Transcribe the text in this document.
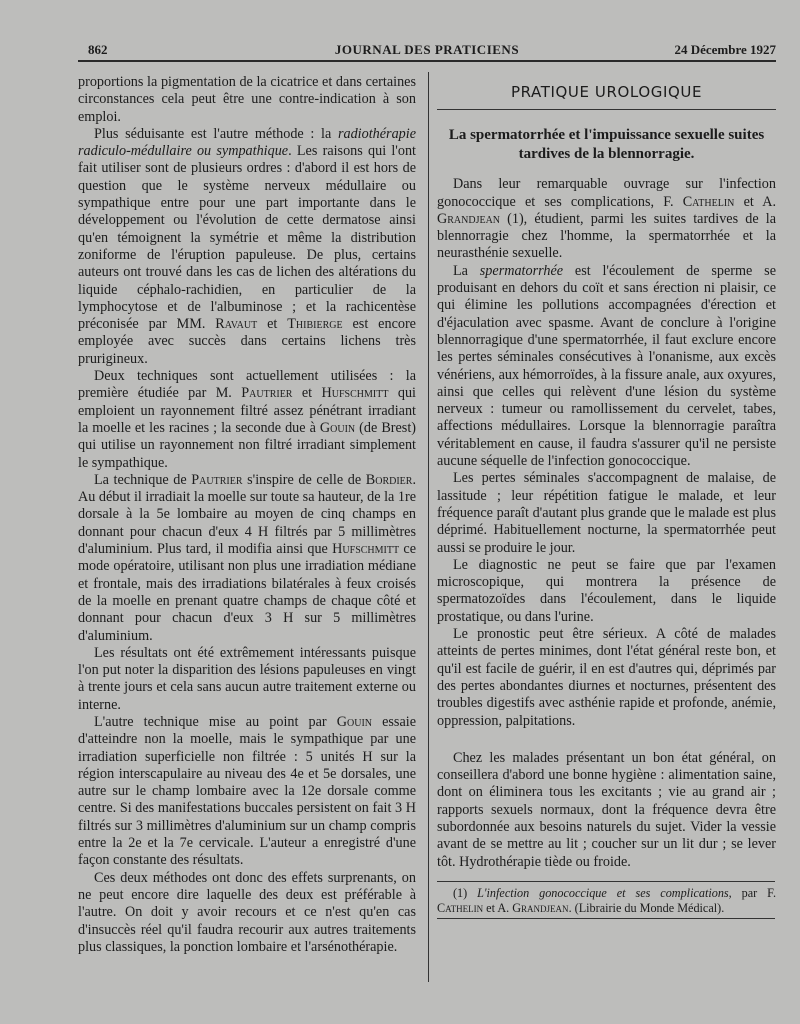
862	JOURNAL DES PRATICIENS	24 Décembre 1927

proportions la pigmentation de la cicatrice et dans certaines circonstances cela peut être une contre-indication à son emploi.

Plus séduisante est l'autre méthode : la radiothérapie radiculo-médullaire ou sympathique. Les raisons qui l'ont fait utiliser sont de plusieurs ordres : d'abord il est hors de question que le système nerveux médullaire ou sympathique entre pour une part importante dans le développement ou l'évolution de cette dermatose ainsi qu'en témoignent la symétrie et même la distribution zoniforme de l'éruption papuleuse. De plus, certains auteurs ont trouvé dans les cas de lichen des altérations du liquide céphalo-rachidien, en particulier de la lymphocytose et de l'albuminose ; et la rachicentèse préconisée par MM. Ravaut et Thibierge est encore employée avec succès dans certains lichens très prurigineux.

Deux techniques sont actuellement utilisées : la première étudiée par M. Pautrier et Hufschmitt qui emploient un rayonnement filtré assez pénétrant irradiant la moelle et les racines ; la seconde due à Gouin (de Brest) qui utilise un rayonnement non filtré irradiant simplement le sympathique.

La technique de Pautrier s'inspire de celle de Bordier. Au début il irradiait la moelle sur toute sa hauteur, de la 1re dorsale à la 5e lombaire au moyen de cinq champs en donnant pour chacun d'eux 4 H filtrés par 5 millimètres d'aluminium. Plus tard, il modifia ainsi que Hufschmitt ce mode opératoire, utilisant non plus une irradiation médiane et frontale, mais des irradiations bilatérales à feux croisés de la moelle en prenant quatre champs de chaque côté et donnant pour chacun d'eux 3 H sur 5 millimètres d'aluminium.

Les résultats ont été extrêmement intéressants puisque l'on put noter la disparition des lésions papuleuses en vingt à trente jours et cela sans aucun autre traitement externe ou interne.

L'autre technique mise au point par Gouin essaie d'atteindre non la moelle, mais le sympathique par une irradiation superficielle non filtrée : 5 unités H sur la région interscapulaire au niveau des 4e et 5e dorsales, une autre sur le champ lombaire avec la 12e dorsale comme centre. Si des manifestations buccales persistent on fait 3 H filtrés sur 3 millimètres d'aluminium sur un champ compris entre la 2e et la 7e cervicale. L'auteur a enregistré d'une façon constante des résultats.

Ces deux méthodes ont donc des effets surprenants, on ne peut encore dire laquelle des deux est préférable à l'autre. On doit y avoir recours et ce n'est qu'en cas d'insuccès réel qu'il faudra recourir aux autres traitements plus classiques, la ponction lombaire et l'arsénothérapie.

PRATIQUE UROLOGIQUE
La spermatorrhée et l'impuissance sexuelle suites tardives de la blennorragie.

Dans leur remarquable ouvrage sur l'infection gonococcique et ses complications, F. Cathelin et A. Grandjean (1), étudient, parmi les suites tardives de la blennorragie chez l'homme, la spermatorrhée et la neurasthénie sexuelle.

La spermatorrhée est l'écoulement de sperme se produisant en dehors du coït et sans érection ni plaisir, ce qui élimine les pollutions accompagnées d'érection et d'éjaculation avec spasme. Avant de conclure à l'origine blennorragique d'une spermatorrhée, il faut exclure encore les pertes séminales consécutives à l'onanisme, aux excès vénériens, aux hémorroïdes, à la fissure anale, aux oxyures, ainsi que celles qui relèvent d'une lésion du système nerveux : tumeur ou ramollissement du cervelet, tabes, affections médullaires. Lorsque la blennorragie paraîtra véritablement en cause, il faudra s'assurer qu'il ne persiste aucune séquelle de l'infection gonococcique.

Les pertes séminales s'accompagnent de malaise, de lassitude ; leur répétition fatigue le malade, et leur fréquence paraît d'autant plus grande que le malade est plus déprimé. Habituellement nocturne, la spermatorrhée peut aussi se produire le jour.

Le diagnostic ne peut se faire que par l'examen microscopique, qui montrera la présence de spermatozoïdes dans l'écoulement, dans le liquide prostatique, ou dans l'urine.

Le pronostic peut être sérieux. A côté de malades atteints de pertes minimes, dont l'état général reste bon, et qu'il est facile de guérir, il en est d'autres qui, déprimés par des pertes abondantes diurnes et nocturnes, présentent des troubles digestifs avec asthénie rapide et profonde, anémie, oppression, palpitations.

Chez les malades présentant un bon état général, on conseillera d'abord une bonne hygiène : alimentation saine, dont on éliminera tous les excitants ; vie au grand air ; rapports sexuels normaux, dont la fréquence devra être subordonnée aux besoins naturels du sujet. Vider la vessie avant de se mettre au lit ; coucher sur un lit dur ; se lever tôt. Hydrothérapie tiède ou froide.

(1) L'infection gonococcique et ses complications, par F. Cathelin et A. Grandjean. (Librairie du Monde Médical).
